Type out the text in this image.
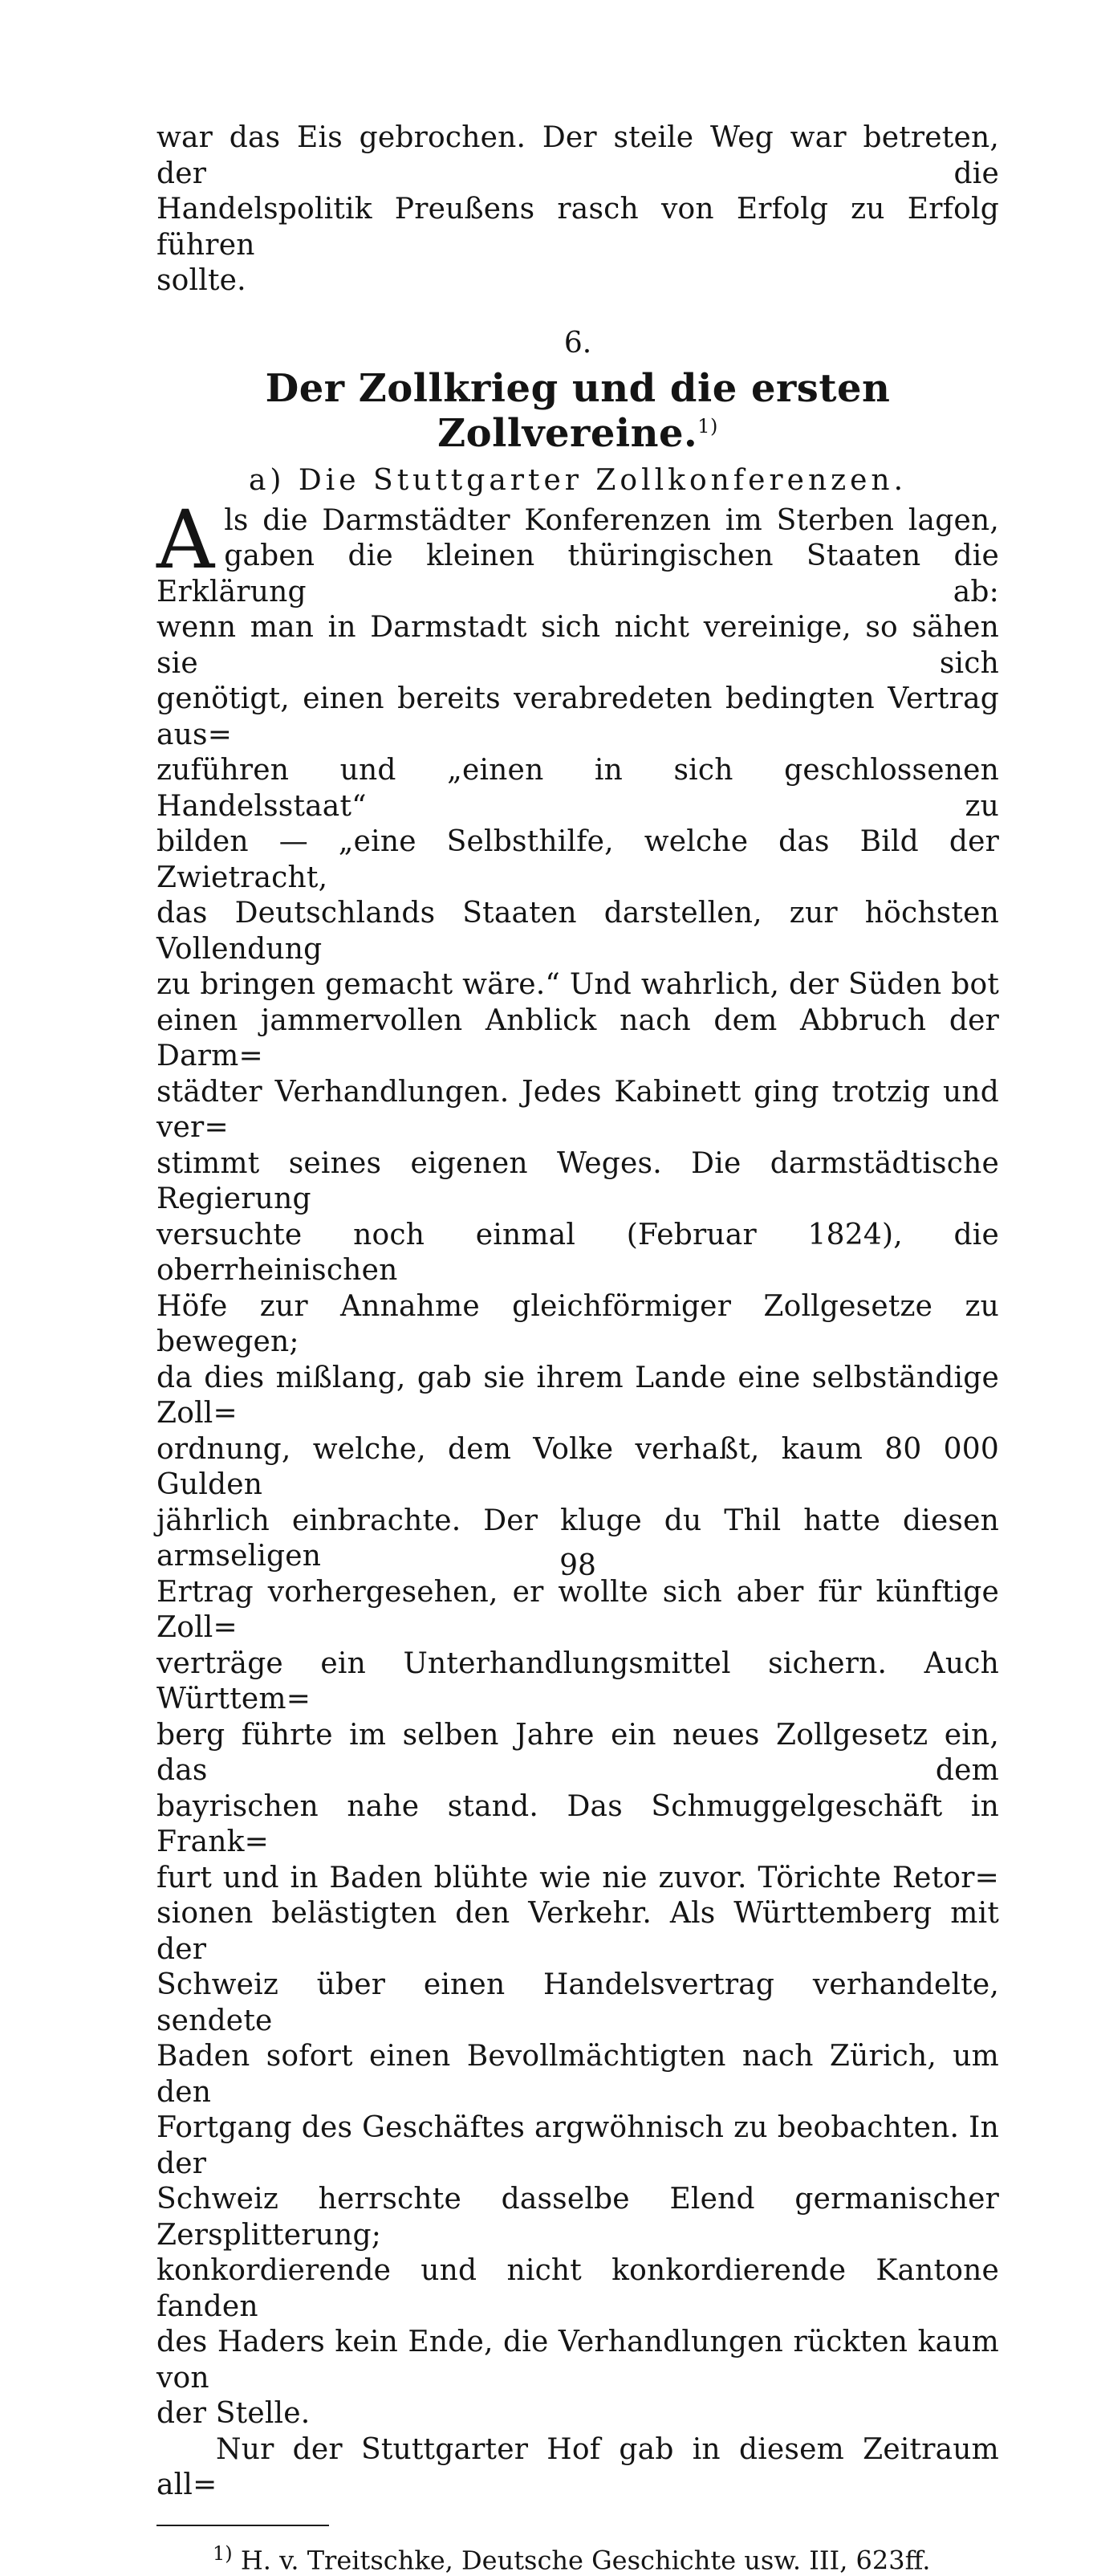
war das Eis gebrochen. Der steile Weg war betreten, der die
Handelspolitik Preußens rasch von Erfolg zu Erfolg führen
sollte.
6.
Der Zollkrieg und die ersten Zollvereine.$^{1)}$
a) Die Stuttgarter Zollkonferenzen.
A ls die Darmstädter Konferenzen im Sterben lagen,
gaben die kleinen thüringischen Staaten die Erklärung ab:
wenn man in Darmstadt sich nicht vereinige, so sähen sie sich
genötigt, einen bereits verabredeten bedingten Vertrag aus=
zuführen und „einen in sich geschlossenen Handelsstaat“ zu
bilden — „eine Selbsthilfe, welche das Bild der Zwietracht,
das Deutschlands Staaten darstellen, zur höchsten Vollendung
zu bringen gemacht wäre.“ Und wahrlich, der Süden bot
einen jammervollen Anblick nach dem Abbruch der Darm=
städter Verhandlungen. Jedes Kabinett ging trotzig und ver=
stimmt seines eigenen Weges. Die darmstädtische Regierung
versuchte noch einmal (Februar 1824), die oberrheinischen
Höfe zur Annahme gleichförmiger Zollgesetze zu bewegen;
da dies mißlang, gab sie ihrem Lande eine selbständige Zoll=
ordnung, welche, dem Volke verhaßt, kaum 80 000 Gulden
jährlich einbrachte. Der kluge du Thil hatte diesen armseligen
Ertrag vorhergesehen, er wollte sich aber für künftige Zoll=
verträge ein Unterhandlungsmittel sichern. Auch Württem=
berg führte im selben Jahre ein neues Zollgesetz ein, das dem
bayrischen nahe stand. Das Schmuggelgeschäft in Frank=
furt und in Baden blühte wie nie zuvor. Törichte Retor=
sionen belästigten den Verkehr. Als Württemberg mit der
Schweiz über einen Handelsvertrag verhandelte, sendete
Baden sofort einen Bevollmächtigten nach Zürich, um den
Fortgang des Geschäftes argwöhnisch zu beobachten. In der
Schweiz herrschte dasselbe Elend germanischer Zersplitterung;
konkordierende und nicht konkordierende Kantone fanden
des Haders kein Ende, die Verhandlungen rückten kaum von
der Stelle.
Nur der Stuttgarter Hof gab in diesem Zeitraum all=
$^{1)}$ H. v. Treitschke, Deutsche Geschichte usw. III, 623ff.
98
